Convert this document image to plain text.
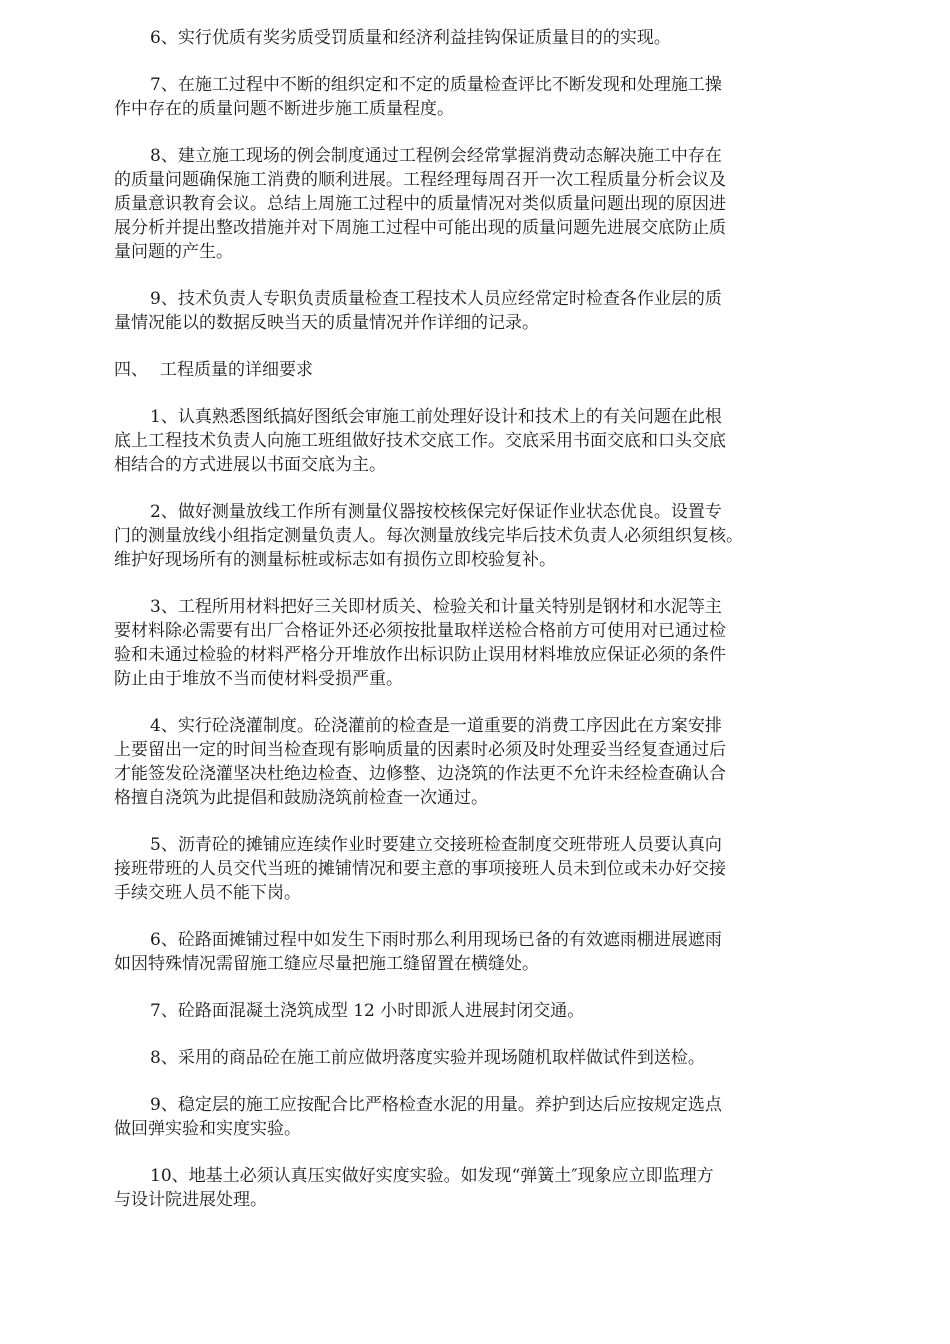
6、实行优质有奖劣质受罚质量和经济利益挂钩保证质量目的的实现。
7、在施工过程中不断的组织定和不定的质量检查评比不断发现和处理施工操
作中存在的质量问题不断进步施工质量程度。
8、建立施工现场的例会制度通过工程例会经常掌握消费动态解决施工中存在
的质量问题确保施工消费的顺利进展。工程经理每周召开一次工程质量分析会议及
质量意识教育会议。总结上周施工过程中的质量情况对类似质量问题出现的原因进
展分析并提出整改措施并对下周施工过程中可能出现的质量问题先进展交底防止质
量问题的产生。
9、技术负责人专职负责质量检查工程技术人员应经常定时检查各作业层的质
量情况能以的数据反映当天的质量情况并作详细的记录。
四、 工程质量的详细要求
1、认真熟悉图纸搞好图纸会审施工前处理好设计和技术上的有关问题在此根
底上工程技术负责人向施工班组做好技术交底工作。交底采用书面交底和口头交底
相结合的方式进展以书面交底为主。
2、做好测量放线工作所有测量仪器按校核保完好保证作业状态优良。设置专
门的测量放线小组指定测量负责人。每次测量放线完毕后技术负责人必须组织复核。
维护好现场所有的测量标桩或标志如有损伤立即校验复补。
3、工程所用材料把好三关即材质关、检验关和计量关特别是钢材和水泥等主
要材料除必需要有出厂合格证外还必须按批量取样送检合格前方可使用对已通过检
验和未通过检验的材料严格分开堆放作出标识防止误用材料堆放应保证必须的条件
防止由于堆放不当而使材料受损严重。
4、实行砼浇灌制度。砼浇灌前的检查是一道重要的消费工序因此在方案安排
上要留出一定的时间当检查现有影响质量的因素时必须及时处理妥当经复查通过后
才能签发砼浇灌坚决杜绝边检查、边修整、边浇筑的作法更不允许未经检查确认合
格擅自浇筑为此提倡和鼓励浇筑前检查一次通过。
5、沥青砼的摊铺应连续作业时要建立交接班检查制度交班带班人员要认真向
接班带班的人员交代当班的摊铺情况和要主意的事项接班人员未到位或未办好交接
手续交班人员不能下岗。
6、砼路面摊铺过程中如发生下雨时那么利用现场已备的有效遮雨棚进展遮雨
如因特殊情况需留施工缝应尽量把施工缝留置在横缝处。
7、砼路面混凝土浇筑成型 12 小时即派人进展封闭交通。
8、采用的商品砼在施工前应做坍落度实验并现场随机取样做试件到送检。
9、稳定层的施工应按配合比严格检查水泥的用量。养护到达后应按规定选点
做回弹实验和实度实验。
10、地基土必须认真压实做好实度实验。如发现“弹簧土″现象应立即监理方
与设计院进展处理。
